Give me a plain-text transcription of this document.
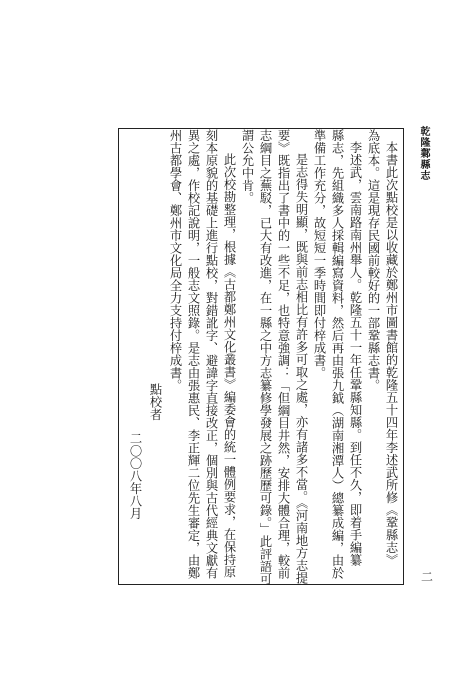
乾隆鄴縣志
本書此次點校是以收藏於鄭州市圖書館的乾隆五十四年李述武所修《鞏縣志》
為底本。這是現存民國前較好的一部鞏縣志書。
李述武，雲南路南州舉人。乾隆五十一年任鞏縣知縣。到任不久，即着手編纂
縣志，先組織多人採輯編寫資料，然后再由張九鉞（湖南湘潭人）總纂成編，由於
準備工作充分，故短短一季時間即付梓成書。
是志得失明顯，既與前志相比有許多可取之處，亦有諸多不當。《河南地方志提
要》既指出了書中的一些不足，也特意強調：「但綱目井然，安排大體合理，較前
志綱目之蕪駁，已大有改進，在一縣之中方志纂修學發展之跡歷歷可錄。」此評語可
謂公允中肯。
此次校勘整理，根據《古都鄭州文化叢書》編委會的統一體例要求，在保持原
刻本原貌的基礎上進行點校，對錯訛字、避諱字直接改正，個別與古代經典文獻有
異之處，作校記說明，一般志文照錄。是志由張惠民、李正輝二位先生審定，由鄭
州古都學會、鄭州市文化局全力支持付梓成書。
點校者
二〇〇八年八月
二
